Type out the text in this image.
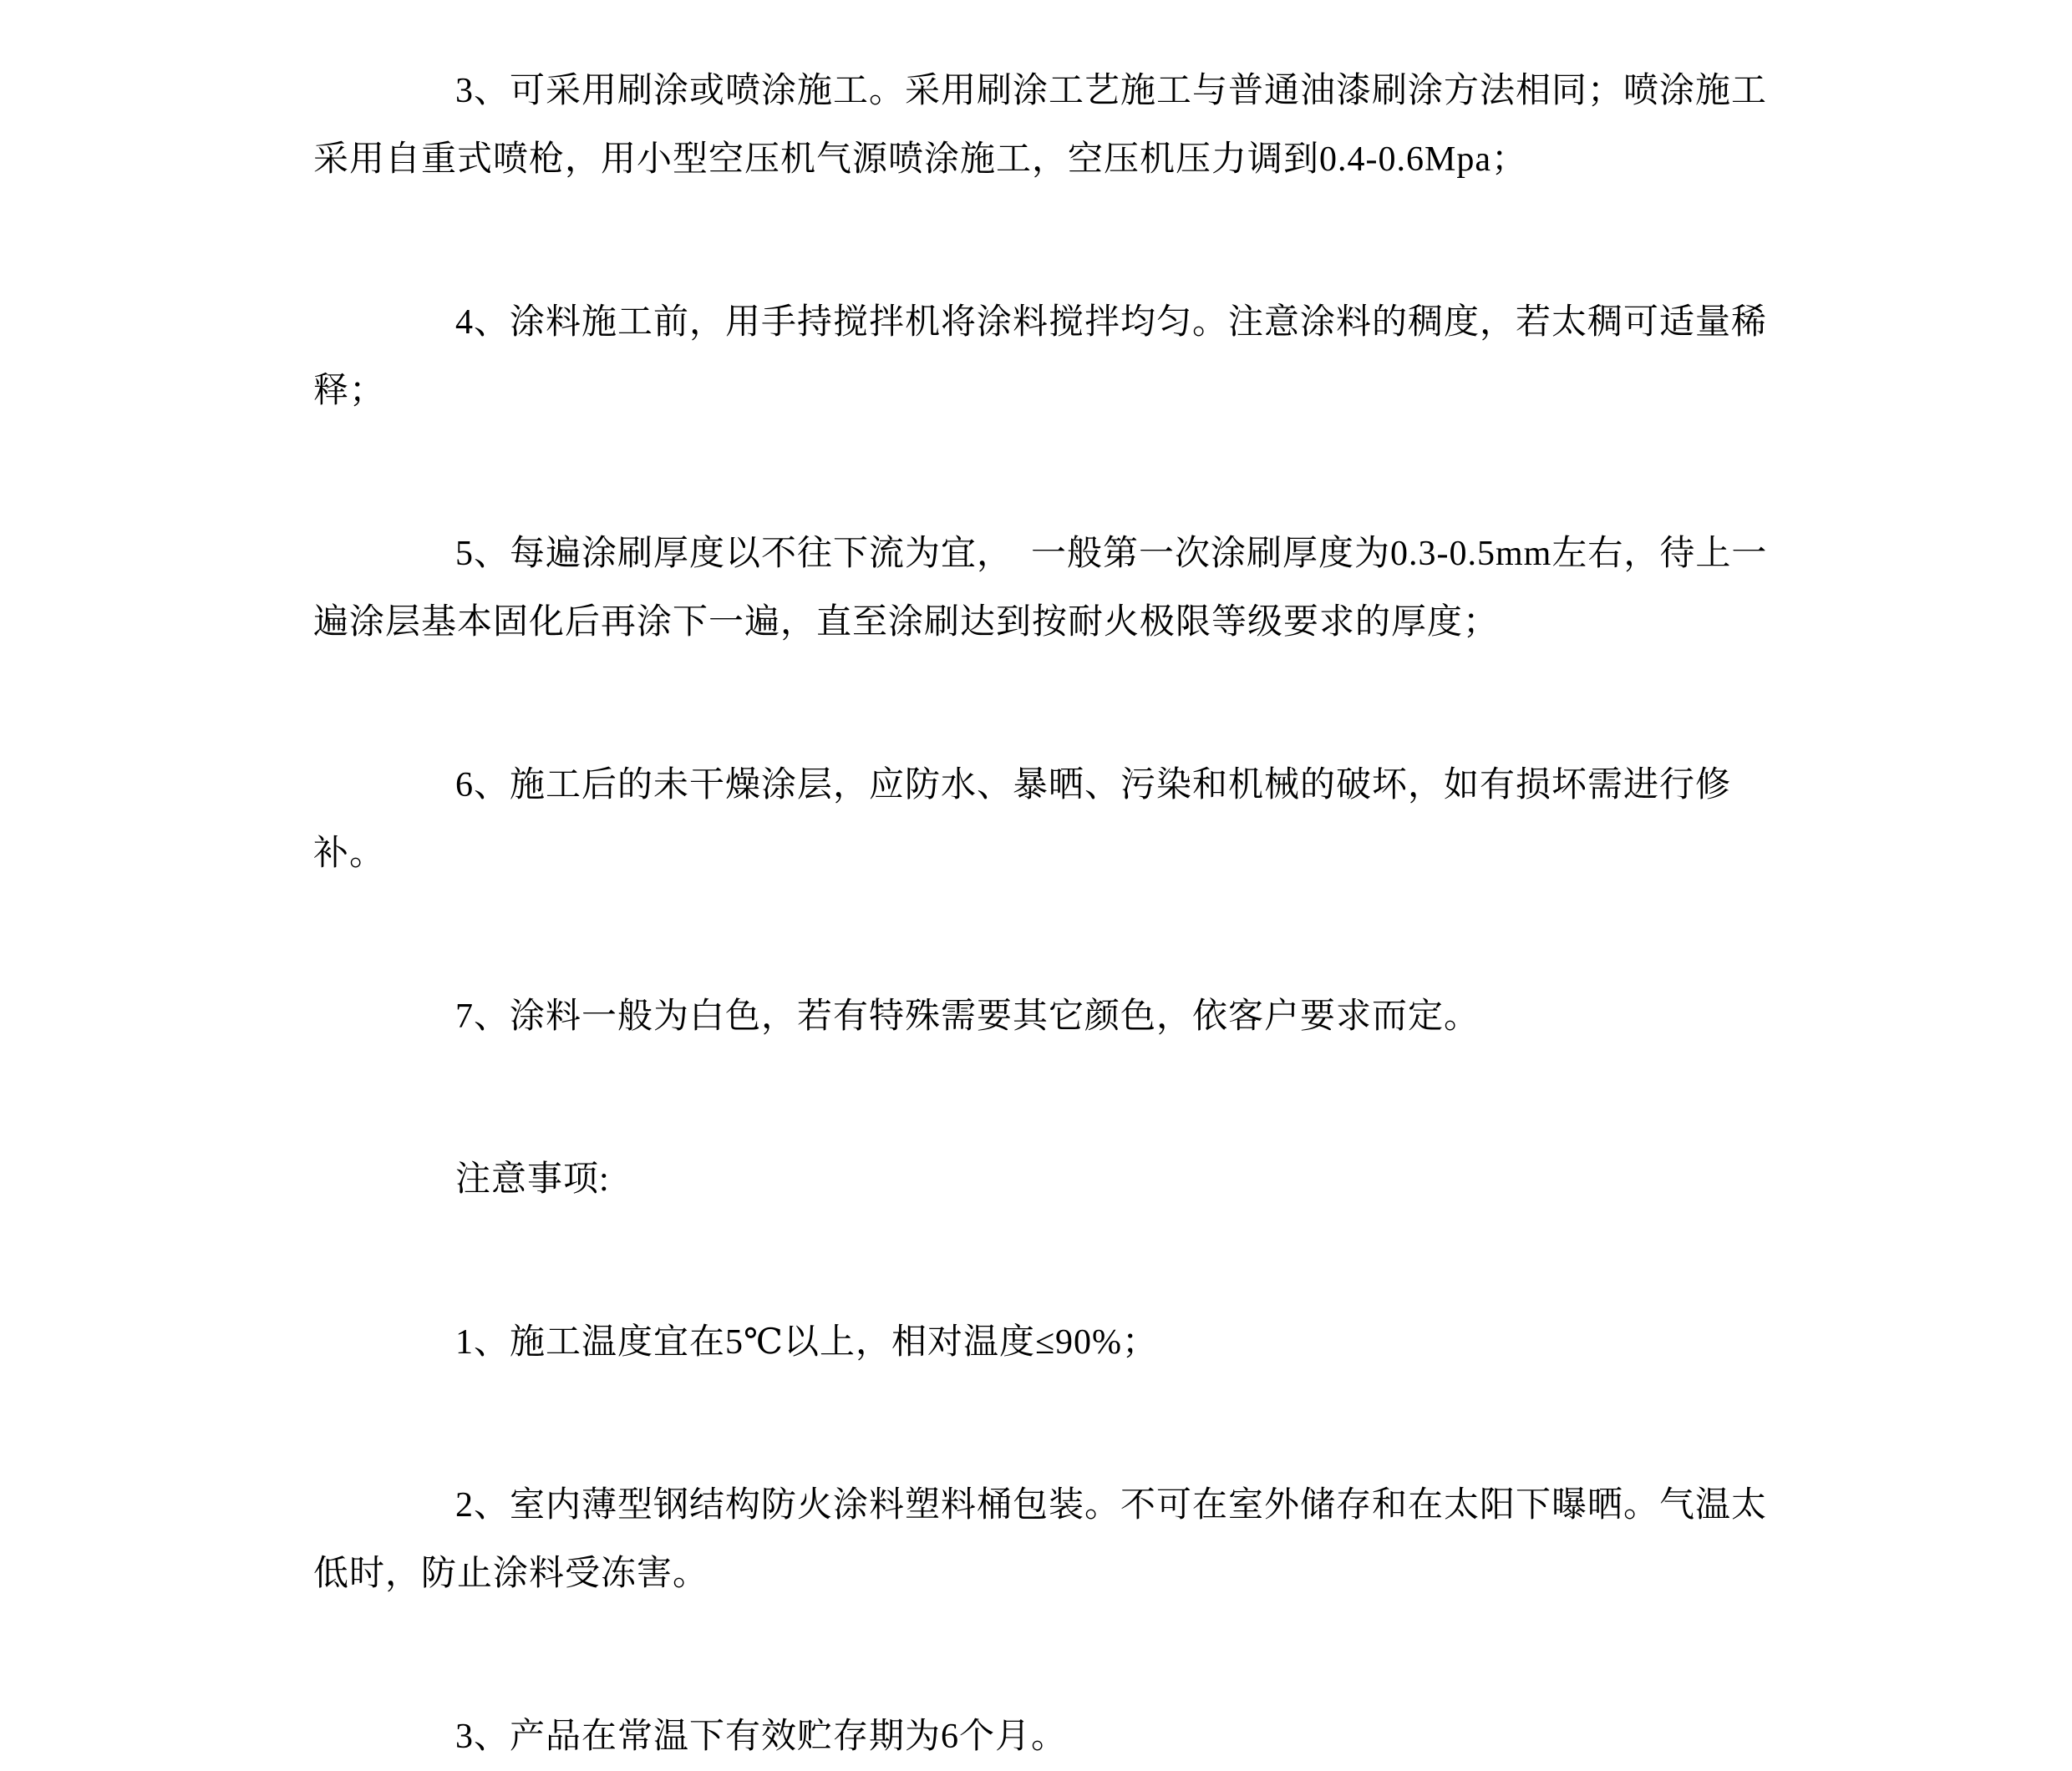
3、可采用刷涂或喷涂施工。采用刷涂工艺施工与普通油漆刷涂方法相同；喷涂施工采用自重式喷枪，用小型空压机气源喷涂施工，空压机压力调到0.4-0.6Mpa；

4、涂料施工前，用手持搅拌机将涂料搅拌均匀。注意涂料的稠度，若太稠可适量稀释；

5、每遍涂刷厚度以不往下流为宜，　一般第一次涂刷厚度为0.3-0.5mm左右，待上一遍涂层基本固化后再涂下一遍，直至涂刷达到按耐火极限等级要求的厚度；

6、施工后的未干燥涂层，应防水、暴晒、污染和机械的破坏，如有损坏需进行修补。

7、涂料一般为白色，若有特殊需要其它颜色，依客户要求而定。

注意事项:

1、施工温度宜在5℃以上，相对温度≤90%；

2、室内薄型钢结构防火涂料塑料桶包装。不可在室外储存和在太阳下曝晒。气温太低时，防止涂料受冻害。

3、产品在常温下有效贮存期为6个月。
